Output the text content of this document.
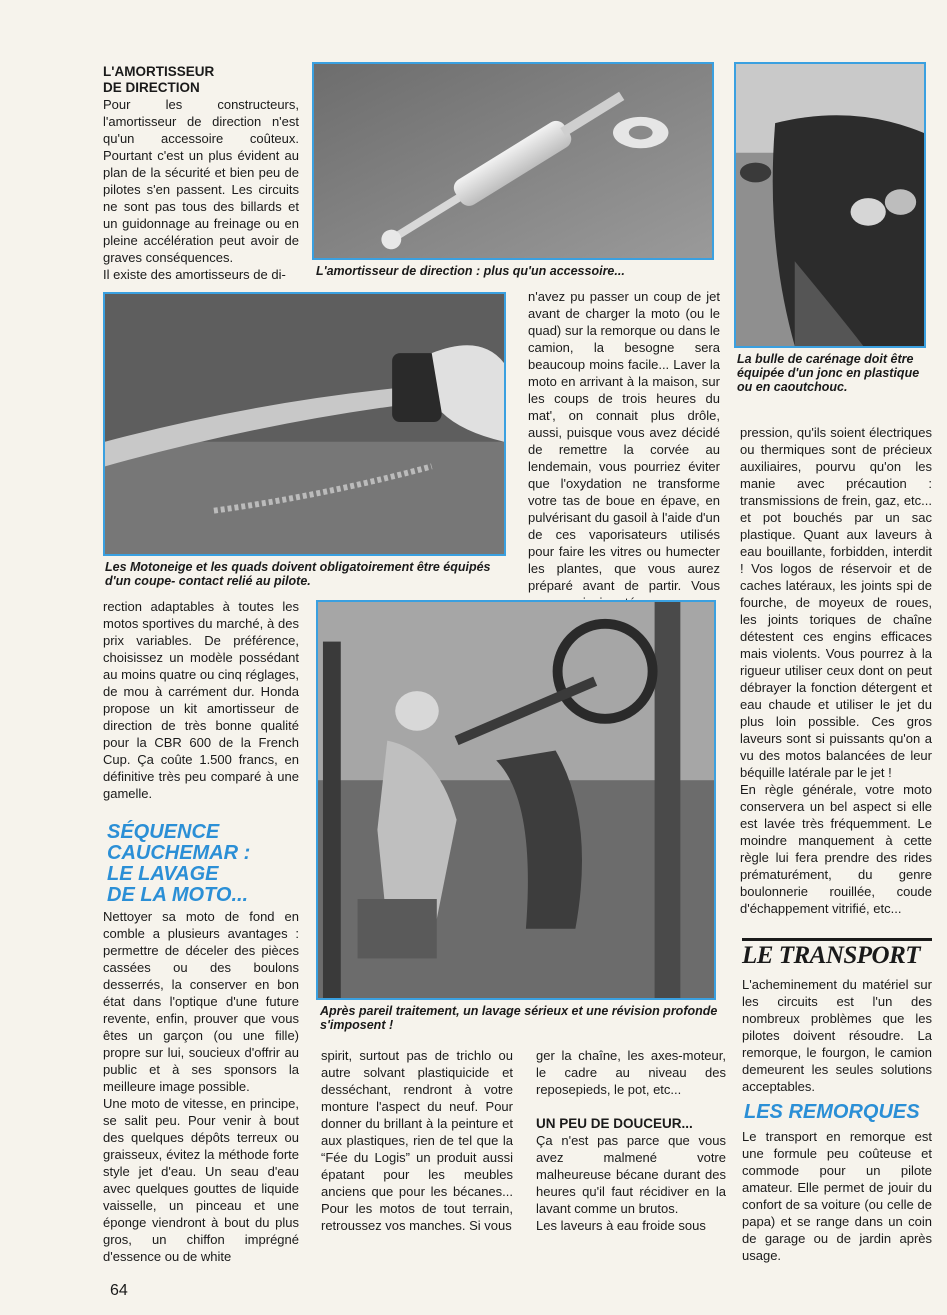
L'AMORTISSEUR

DE DIRECTION

Pour les constructeurs, l'amortisseur de direction n'est qu'un accessoire coûteux. Pourtant c'est un plus évident au plan de la sécurité et bien peu de pilotes s'en passent. Les circuits ne sont pas tous des billards et un guidonnage au freinage ou en pleine accélération peut avoir de graves conséquences.

Il existe des amortisseurs de di-	L'amortisseur de direction : plus qu'un accessoire...

La bulle de carénage doit être équipée d'un jonc en plastique ou en caoutchouc.

Les Motoneige et les quads doivent obligatoirement être équipés d'un coupe- contact relié au pilote.

n'avez pu passer un coup de jet avant de charger la moto (ou le quad) sur la remorque ou dans le camion, la besogne sera beaucoup moins facile... Laver la moto en arrivant à la maison, sur les coups de trois heures du mat', on connait plus drôle, aussi, puisque vous avez décidé de remettre la corvée au lendemain, vous pourriez éviter que l'oxydation ne transforme votre tas de boue en épave, en pulvérisant du gasoil à l'aide d'un de ces vaporisateurs utilisés pour faire les vitres ou humecter les plantes, que vous aurez préparé avant de partir. Vous

pression, qu'ils soient électriques ou thermiques sont de précieux auxiliaires, pourvu qu'on les manie avec précaution : transmissions de frein, gaz, etc... et pot bouchés par un sac plastique. Quant aux laveurs à eau bouillante, forbidden, interdit ! Vos logos de réservoir et de caches latéraux, les joints spi de fourche, de moyeux de roues, les joints toriques de chaîne détestent ces engins efficaces mais violents. Vous pourrez à la rigueur utiliser ceux dont on peut débrayer la fonction détergent et eau chaude et utiliser le jet du plus loin possible. Ces gros laveurs sont si puissants qu'on a vu des motos balancées de leur béquille latérale par le jet !

En règle générale, votre moto conservera un bel aspect si elle est lavée très fréquemment. Le moindre manquement à cette règle lui fera prendre des rides prématurément, du genre boulonnerie rouillée, coude d'échappement vitrifié, etc...

LE TRANSPORT

L'acheminement du matériel sur les circuits est l'un des nombreux problèmes que les pilotes doivent résoudre. La remorque, le fourgon, le camion demeurent les seules solutions acceptables.

LES REMORQUES

Le transport en remorque est une formule peu coûteuse et commode pour un pilote amateur. Elle permet de jouir du confort de sa voiture (ou celle de papa) et se range dans un coin de garage ou de jardin après usage.

rection adaptables à toutes les motos sportives du marché, à des prix variables. De préférence, choisissez un modèle possédant au moins quatre ou cinq réglages, de mou à carrément dur. Honda propose un kit amortisseur de direction de très bonne qualité pour la CBR 600 de la French Cup. Ça coûte 1.500 francs, en définitive très peu comparé à une gamelle.

SÉQUENCE

CAUCHEMAR :

LE LAVAGE

DE LA MOTO...

Nettoyer sa moto de fond en comble a plusieurs avantages : permettre de déceler des pièces cassées ou des boulons desserrés, la conserver en bon état dans l'optique d'une future revente, enfin, prouver que vous êtes un garçon (ou une fille) propre sur lui, soucieux d'offrir au public et à ses sponsors la meilleure image possible.

Une moto de vitesse, en principe, se salit peu. Pour venir à bout des quelques dépôts terreux ou graisseux, évitez la méthode forte style jet d'eau. Un seau d'eau avec quelques gouttes de liquide vaisselle, un pinceau et une éponge viendront à bout du plus gros, un chiffon imprégné d'essence ou de white

Après pareil traitement, un lavage sérieux et une révision profonde s'imposent !

spirit, surtout pas de trichlo ou autre solvant plastiquicide et desséchant, rendront à votre monture l'aspect du neuf. Pour donner du brillant à la peinture et aux plastiques, rien de tel que la “Fée du Logis” un produit aussi épatant pour les meubles anciens que pour les bécanes... Pour les motos de tout terrain, retroussez vos manches. Si vous

ger la chaîne, les axes-moteur, le cadre au niveau des reposepieds, le pot, etc...

UN PEU DE DOUCEUR...

Ça n'est pas parce que vous avez malmené votre malheureuse bécane durant des heures qu'il faut récidiver en la lavant comme un brutos.

Les laveurs à eau froide sous

64
